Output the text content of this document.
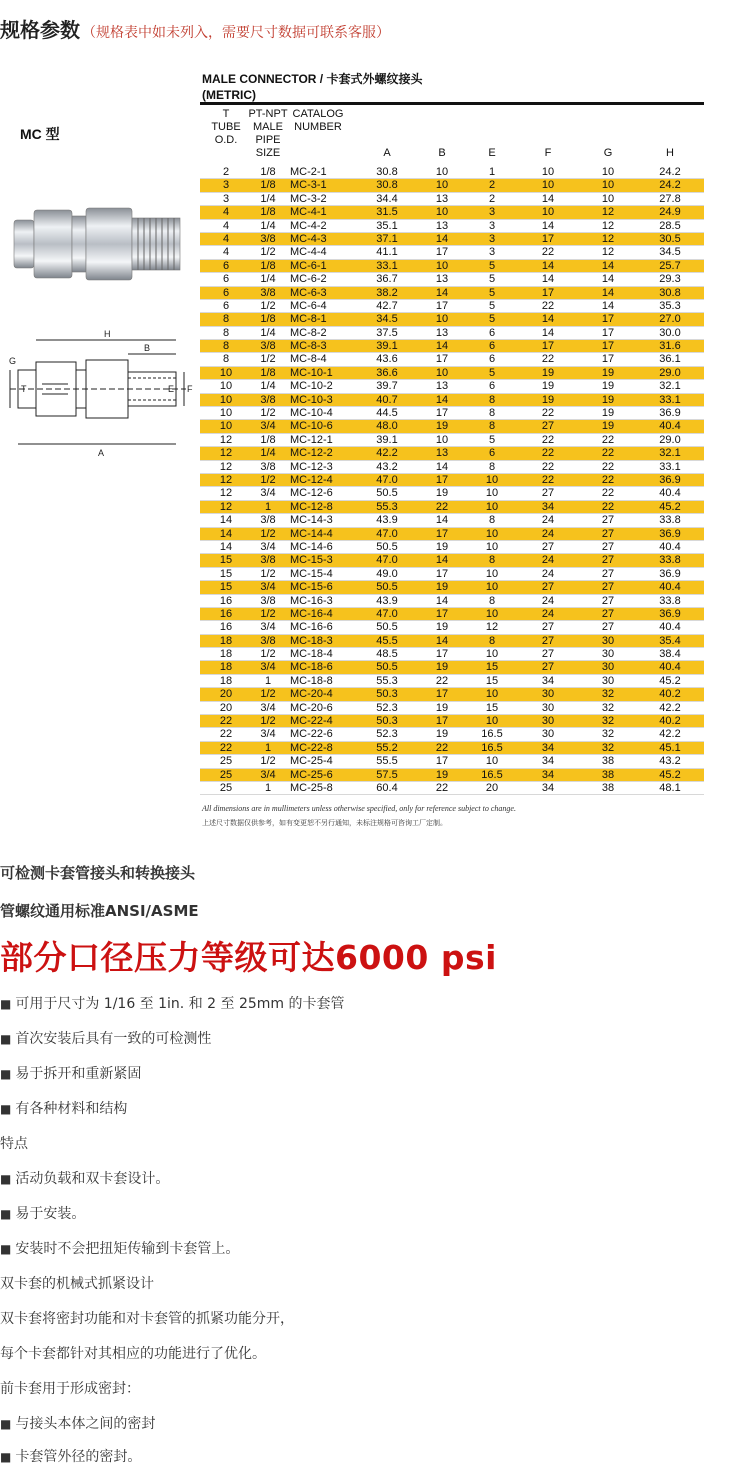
规格参数 （规格表中如未列入，需要尺寸数据可联系客服）
MC 型
H
B
G
T	E F
A
MALE CONNECTOR / 卡套式外螺纹接头
(METRIC)
T
TUBE
O.D.
PT-NPT
MALE
PIPE
SIZE
CATALOG
NUMBER
A	B	E	F	G	H
2	1/8	MC-2-1	30.8	10	1	10	10	24.2
3	1/8	MC-3-1	30.8	10	2	10	10	24.2
3	1/4	MC-3-2	34.4	13	2	14	10	27.8
4	1/8	MC-4-1	31.5	10	3	10	12	24.9
4	1/4	MC-4-2	35.1	13	3	14	12	28.5
4	3/8	MC-4-3	37.1	14	3	17	12	30.5
4	1/2	MC-4-4	41.1	17	3	22	12	34.5
6	1/8	MC-6-1	33.1	10	5	14	14	25.7
6	1/4	MC-6-2	36.7	13	5	14	14	29.3
6	3/8	MC-6-3	38.2	14	5	17	14	30.8
6	1/2	MC-6-4	42.7	17	5	22	14	35.3
8	1/8	MC-8-1	34.5	10	5	14	17	27.0
8	1/4	MC-8-2	37.5	13	6	14	17	30.0
8	3/8	MC-8-3	39.1	14	6	17	17	31.6
8	1/2	MC-8-4	43.6	17	6	22	17	36.1
10	1/8	MC-10-1	36.6	10	5	19	19	29.0
10	1/4	MC-10-2	39.7	13	6	19	19	32.1
10	3/8	MC-10-3	40.7	14	8	19	19	33.1
10	1/2	MC-10-4	44.5	17	8	22	19	36.9
10	3/4	MC-10-6	48.0	19	8	27	19	40.4
12	1/8	MC-12-1	39.1	10	5	22	22	29.0
12	1/4	MC-12-2	42.2	13	6	22	22	32.1
12	3/8	MC-12-3	43.2	14	8	22	22	33.1
12	1/2	MC-12-4	47.0	17	10	22	22	36.9
12	3/4	MC-12-6	50.5	19	10	27	22	40.4
12	1	MC-12-8	55.3	22	10	34	22	45.2
14	3/8	MC-14-3	43.9	14	8	24	27	33.8
14	1/2	MC-14-4	47.0	17	10	24	27	36.9
14	3/4	MC-14-6	50.5	19	10	27	27	40.4
15	3/8	MC-15-3	47.0	14	8	24	27	33.8
15	1/2	MC-15-4	49.0	17	10	24	27	36.9
15	3/4	MC-15-6	50.5	19	10	27	27	40.4
16	3/8	MC-16-3	43.9	14	8	24	27	33.8
16	1/2	MC-16-4	47.0	17	10	24	27	36.9
16	3/4	MC-16-6	50.5	19	12	27	27	40.4
18	3/8	MC-18-3	45.5	14	8	27	30	35.4
18	1/2	MC-18-4	48.5	17	10	27	30	38.4
18	3/4	MC-18-6	50.5	19	15	27	30	40.4
18	1	MC-18-8	55.3	22	15	34	30	45.2
20	1/2	MC-20-4	50.3	17	10	30	32	40.2
20	3/4	MC-20-6	52.3	19	15	30	32	42.2
22	1/2	MC-22-4	50.3	17	10	30	32	40.2
22	3/4	MC-22-6	52.3	19	16.5	30	32	42.2
22	1	MC-22-8	55.2	22	16.5	34	32	45.1
25	1/2	MC-25-4	55.5	17	10	34	38	43.2
25	3/4	MC-25-6	57.5	19	16.5	34	38	45.2
25	1	MC-25-8	60.4	22	20	34	38	48.1
All dimensions are in mullimeters unless otherwise specified, only for reference subject to change.
上述尺寸数据仅供参考，如有变更恕不另行通知，未标注规格可咨询工厂定制。
可检测卡套管接头和转换接头
管螺纹通用标准ANSI/ASME
部分口径压力等级可达6000 psi
■ 可用于尺寸为 1/16 至 1in. 和 2 至 25mm 的卡套管
■ 首次安装后具有一致的可检测性
■ 易于拆开和重新紧固
■ 有各种材料和结构
特点
■ 活动负载和双卡套设计。
■ 易于安装。
■ 安装时不会把扭矩传输到卡套管上。
双卡套的机械式抓紧设计
双卡套将密封功能和对卡套管的抓紧功能分开，
每个卡套都针对其相应的功能进行了优化。
前卡套用于形成密封：
■ 与接头本体之间的密封
■ 卡套管外径的密封。
